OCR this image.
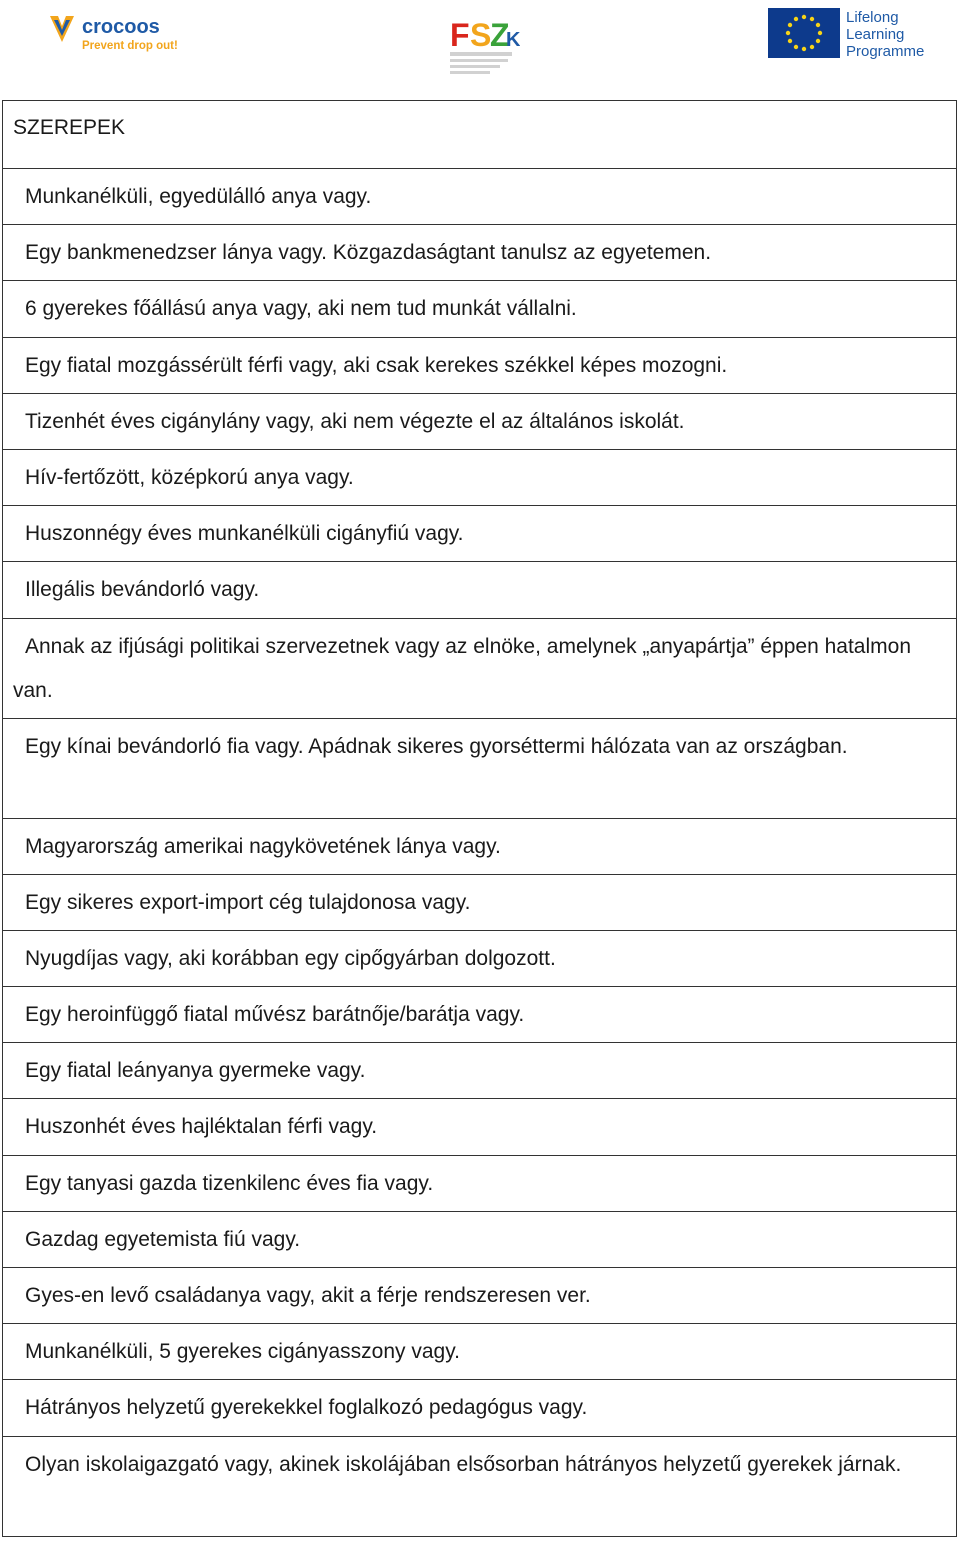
crocoos
Prevent drop out!	F S
Z
K
Lifelong
Learning
Programme
SZEREPEK
Munkanélküli, egyedülálló anya vagy.
Egy bankmenedzser lánya vagy. Közgazdaságtant tanulsz az egyetemen.
6 gyerekes főállású anya vagy, aki nem tud munkát vállalni.
Egy fiatal mozgássérült férfi vagy, aki csak kerekes székkel képes mozogni.
Tizenhét éves cigánylány vagy, aki nem végezte el az általános iskolát.
Hív-fertőzött, középkorú anya vagy.
Huszonnégy éves munkanélküli cigányfiú vagy.
Illegális bevándorló vagy.
Annak az ifjúsági politikai szervezetnek vagy az elnöke, amelynek „anyapártja” éppen hatalmon van.
Egy kínai bevándorló fia vagy. Apádnak sikeres gyorséttermi hálózata van az országban.
Magyarország amerikai nagykövetének lánya vagy.
Egy sikeres export-import cég tulajdonosa vagy.
Nyugdíjas vagy, aki korábban egy cipőgyárban dolgozott.
Egy heroinfüggő fiatal művész barátnője/barátja vagy.
Egy fiatal leányanya gyermeke vagy.
Huszonhét éves hajléktalan férfi vagy.
Egy tanyasi gazda tizenkilenc éves fia vagy.
Gazdag egyetemista fiú vagy.
Gyes-en levő családanya vagy, akit a férje rendszeresen ver.
Munkanélküli, 5 gyerekes cigányasszony vagy.
Hátrányos helyzetű gyerekekkel foglalkozó pedagógus vagy.
Olyan iskolaigazgató vagy, akinek iskolájában elsősorban hátrányos helyzetű gyerekek járnak.
